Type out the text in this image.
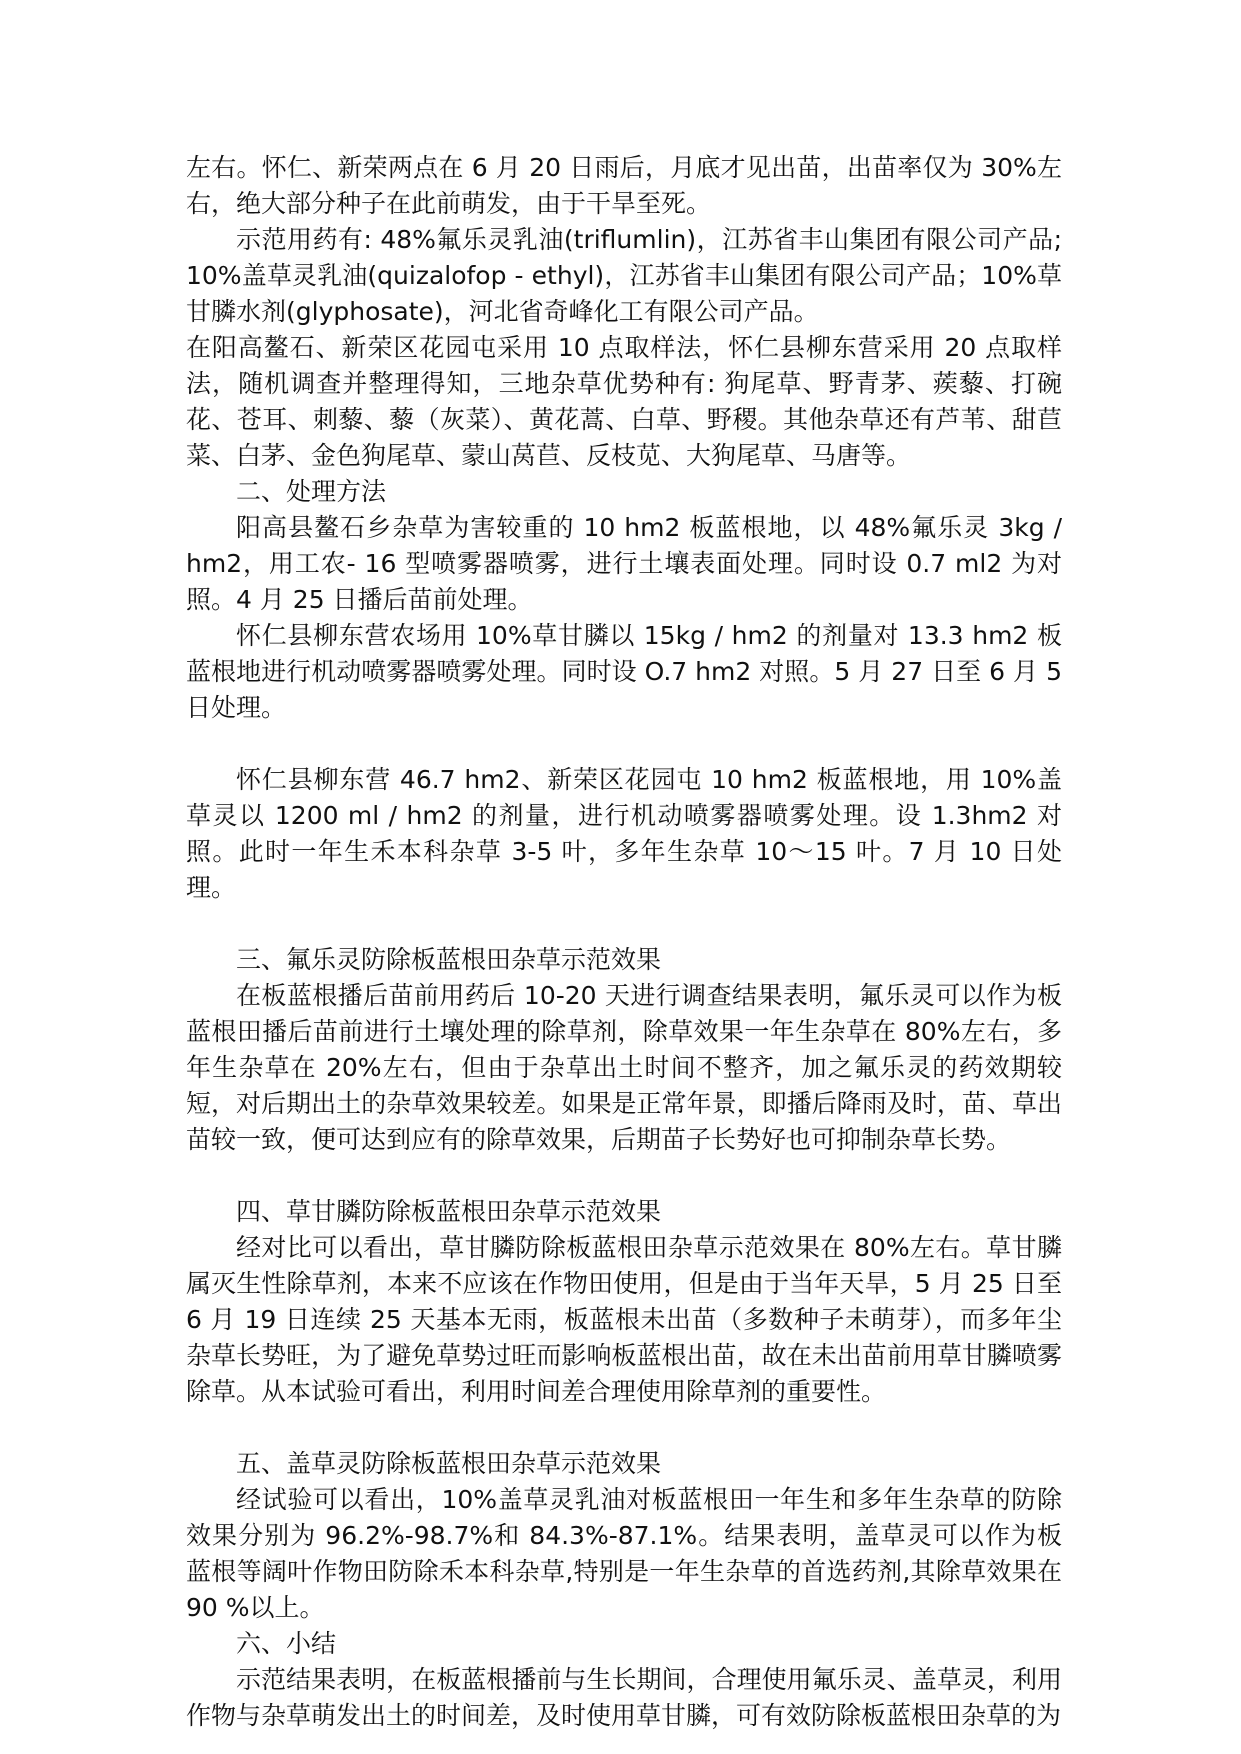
左右。怀仁、新荣两点在 6 月 20 日雨后，月底才见出苗，出苗率仅为 30%左右，绝大部分种子在此前萌发，由于干旱至死。

示范用药有: 48%氟乐灵乳油(triflumlin)，江苏省丰山集团有限公司产品; 10%盖草灵乳油(quizalofop - ethyl)，江苏省丰山集团有限公司产品；10%草甘膦水剂(glyphosate)，河北省奇峰化工有限公司产品。

在阳高鳌石、新荣区花园屯采用 10 点取样法，怀仁县柳东营采用 20 点取样法，随机调查并整理得知，三地杂草优势种有: 狗尾草、野青茅、蒺藜、打碗花、苍耳、刺藜、藜（灰菜）、黄花蒿、白草、野稷。其他杂草还有芦苇、甜苣菜、白茅、金色狗尾草、蒙山莴苣、反枝苋、大狗尾草、马唐等。

二、处理方法

阳高县鳌石乡杂草为害较重的 10 hm2 板蓝根地，以 48%氟乐灵 3kg / hm2，用工农- 16 型喷雾器喷雾，进行土壤表面处理。同时设 0.7 ml2 为对照。4 月 25 日播后苗前处理。

怀仁县柳东营农场用 10%草甘膦以 15kg / hm2 的剂量对 13.3 hm2 板蓝根地进行机动喷雾器喷雾处理。同时设 O.7 hm2 对照。5 月 27 日至 6 月 5 日处理。

怀仁县柳东营 46.7 hm2、新荣区花园屯 10 hm2 板蓝根地，用 10%盖草灵以 1200 ml / hm2 的剂量，进行机动喷雾器喷雾处理。设 1.3hm2 对照。此时一年生禾本科杂草 3-5 叶，多年生杂草 10～15 叶。7 月 10 日处理。

三、氟乐灵防除板蓝根田杂草示范效果

在板蓝根播后苗前用药后 10-20 天进行调查结果表明，氟乐灵可以作为板蓝根田播后苗前进行土壤处理的除草剂，除草效果一年生杂草在 80%左右，多年生杂草在 20%左右，但由于杂草出土时间不整齐，加之氟乐灵的药效期较短，对后期出土的杂草效果较差。如果是正常年景，即播后降雨及时，苗、草出苗较一致，便可达到应有的除草效果，后期苗子长势好也可抑制杂草长势。

四、草甘膦防除板蓝根田杂草示范效果

经对比可以看出，草甘膦防除板蓝根田杂草示范效果在 80%左右。草甘膦属灭生性除草剂，本来不应该在作物田使用，但是由于当年天旱，5 月 25 日至 6 月 19 日连续 25 天基本无雨，板蓝根未出苗（多数种子未萌芽），而多年尘杂草长势旺，为了避免草势过旺而影响板蓝根出苗，故在未出苗前用草甘膦喷雾除草。从本试验可看出，利用时间差合理使用除草剂的重要性。

五、盖草灵防除板蓝根田杂草示范效果

经试验可以看出，10%盖草灵乳油对板蓝根田一年生和多年生杂草的防除效果分别为 96.2%-98.7%和 84.3%-87.1%。结果表明，盖草灵可以作为板蓝根等阔叶作物田防除禾本科杂草,特别是一年生杂草的首选药剂,其除草效果在 90 %以上。

六、小结

示范结果表明，在板蓝根播前与生长期间，合理使用氟乐灵、盖草灵，利用作物与杂草萌发出土的时间差，及时使用草甘膦，可有效防除板蓝根田杂草的为
